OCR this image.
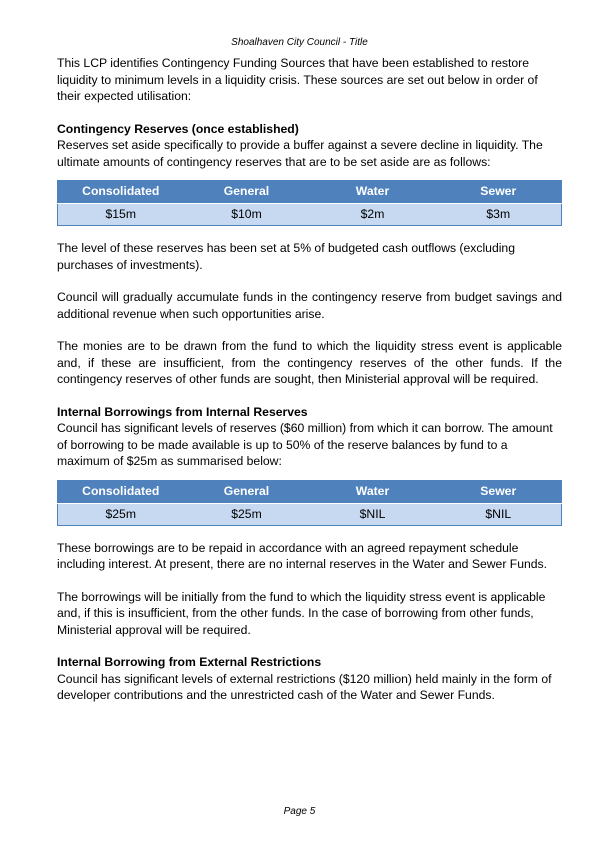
Shoalhaven City Council - Title

This LCP identifies Contingency Funding Sources that have been established to restore liquidity to minimum levels in a liquidity crisis. These sources are set out below in order of their expected utilisation:

Contingency Reserves (once established)

Reserves set aside specifically to provide a buffer against a severe decline in liquidity. The ultimate amounts of contingency reserves that are to be set aside are as follows:

Consolidated	General	Water	Sewer
$15m	$10m	$2m	$3m

The level of these reserves has been set at 5% of budgeted cash outflows (excluding purchases of investments).

Council will gradually accumulate funds in the contingency reserve from budget savings and additional revenue when such opportunities arise.

The monies are to be drawn from the fund to which the liquidity stress event is applicable and, if these are insufficient, from the contingency reserves of the other funds. If the contingency reserves of other funds are sought, then Ministerial approval will be required.

Internal Borrowings from Internal Reserves

Council has significant levels of reserves ($60 million) from which it can borrow. The amount of borrowing to be made available is up to 50% of the reserve balances by fund to a maximum of $25m as summarised below:

Consolidated	General	Water	Sewer
$25m	$25m	$NIL	$NIL

These borrowings are to be repaid in accordance with an agreed repayment schedule including interest. At present, there are no internal reserves in the Water and Sewer Funds.

The borrowings will be initially from the fund to which the liquidity stress event is applicable and, if this is insufficient, from the other funds. In the case of borrowing from other funds, Ministerial approval will be required.

Internal Borrowing from External Restrictions

Council has significant levels of external restrictions ($120 million) held mainly in the form of developer contributions and the unrestricted cash of the Water and Sewer Funds.

Page 5
